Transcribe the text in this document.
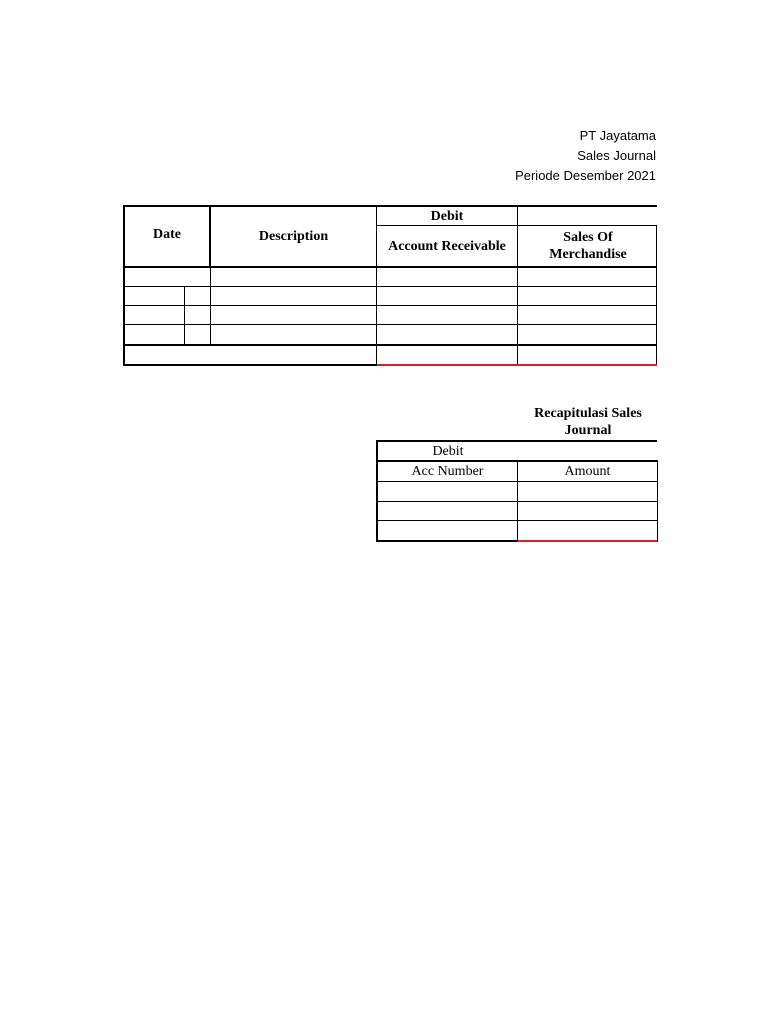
PT Jayatama
Sales Journal
Periode Desember 2021
Date	Description
Debit
Account Receivable
Sales Of Merchandise
Recapitulasi Sales Journal
Debit
Acc Number	Amount
